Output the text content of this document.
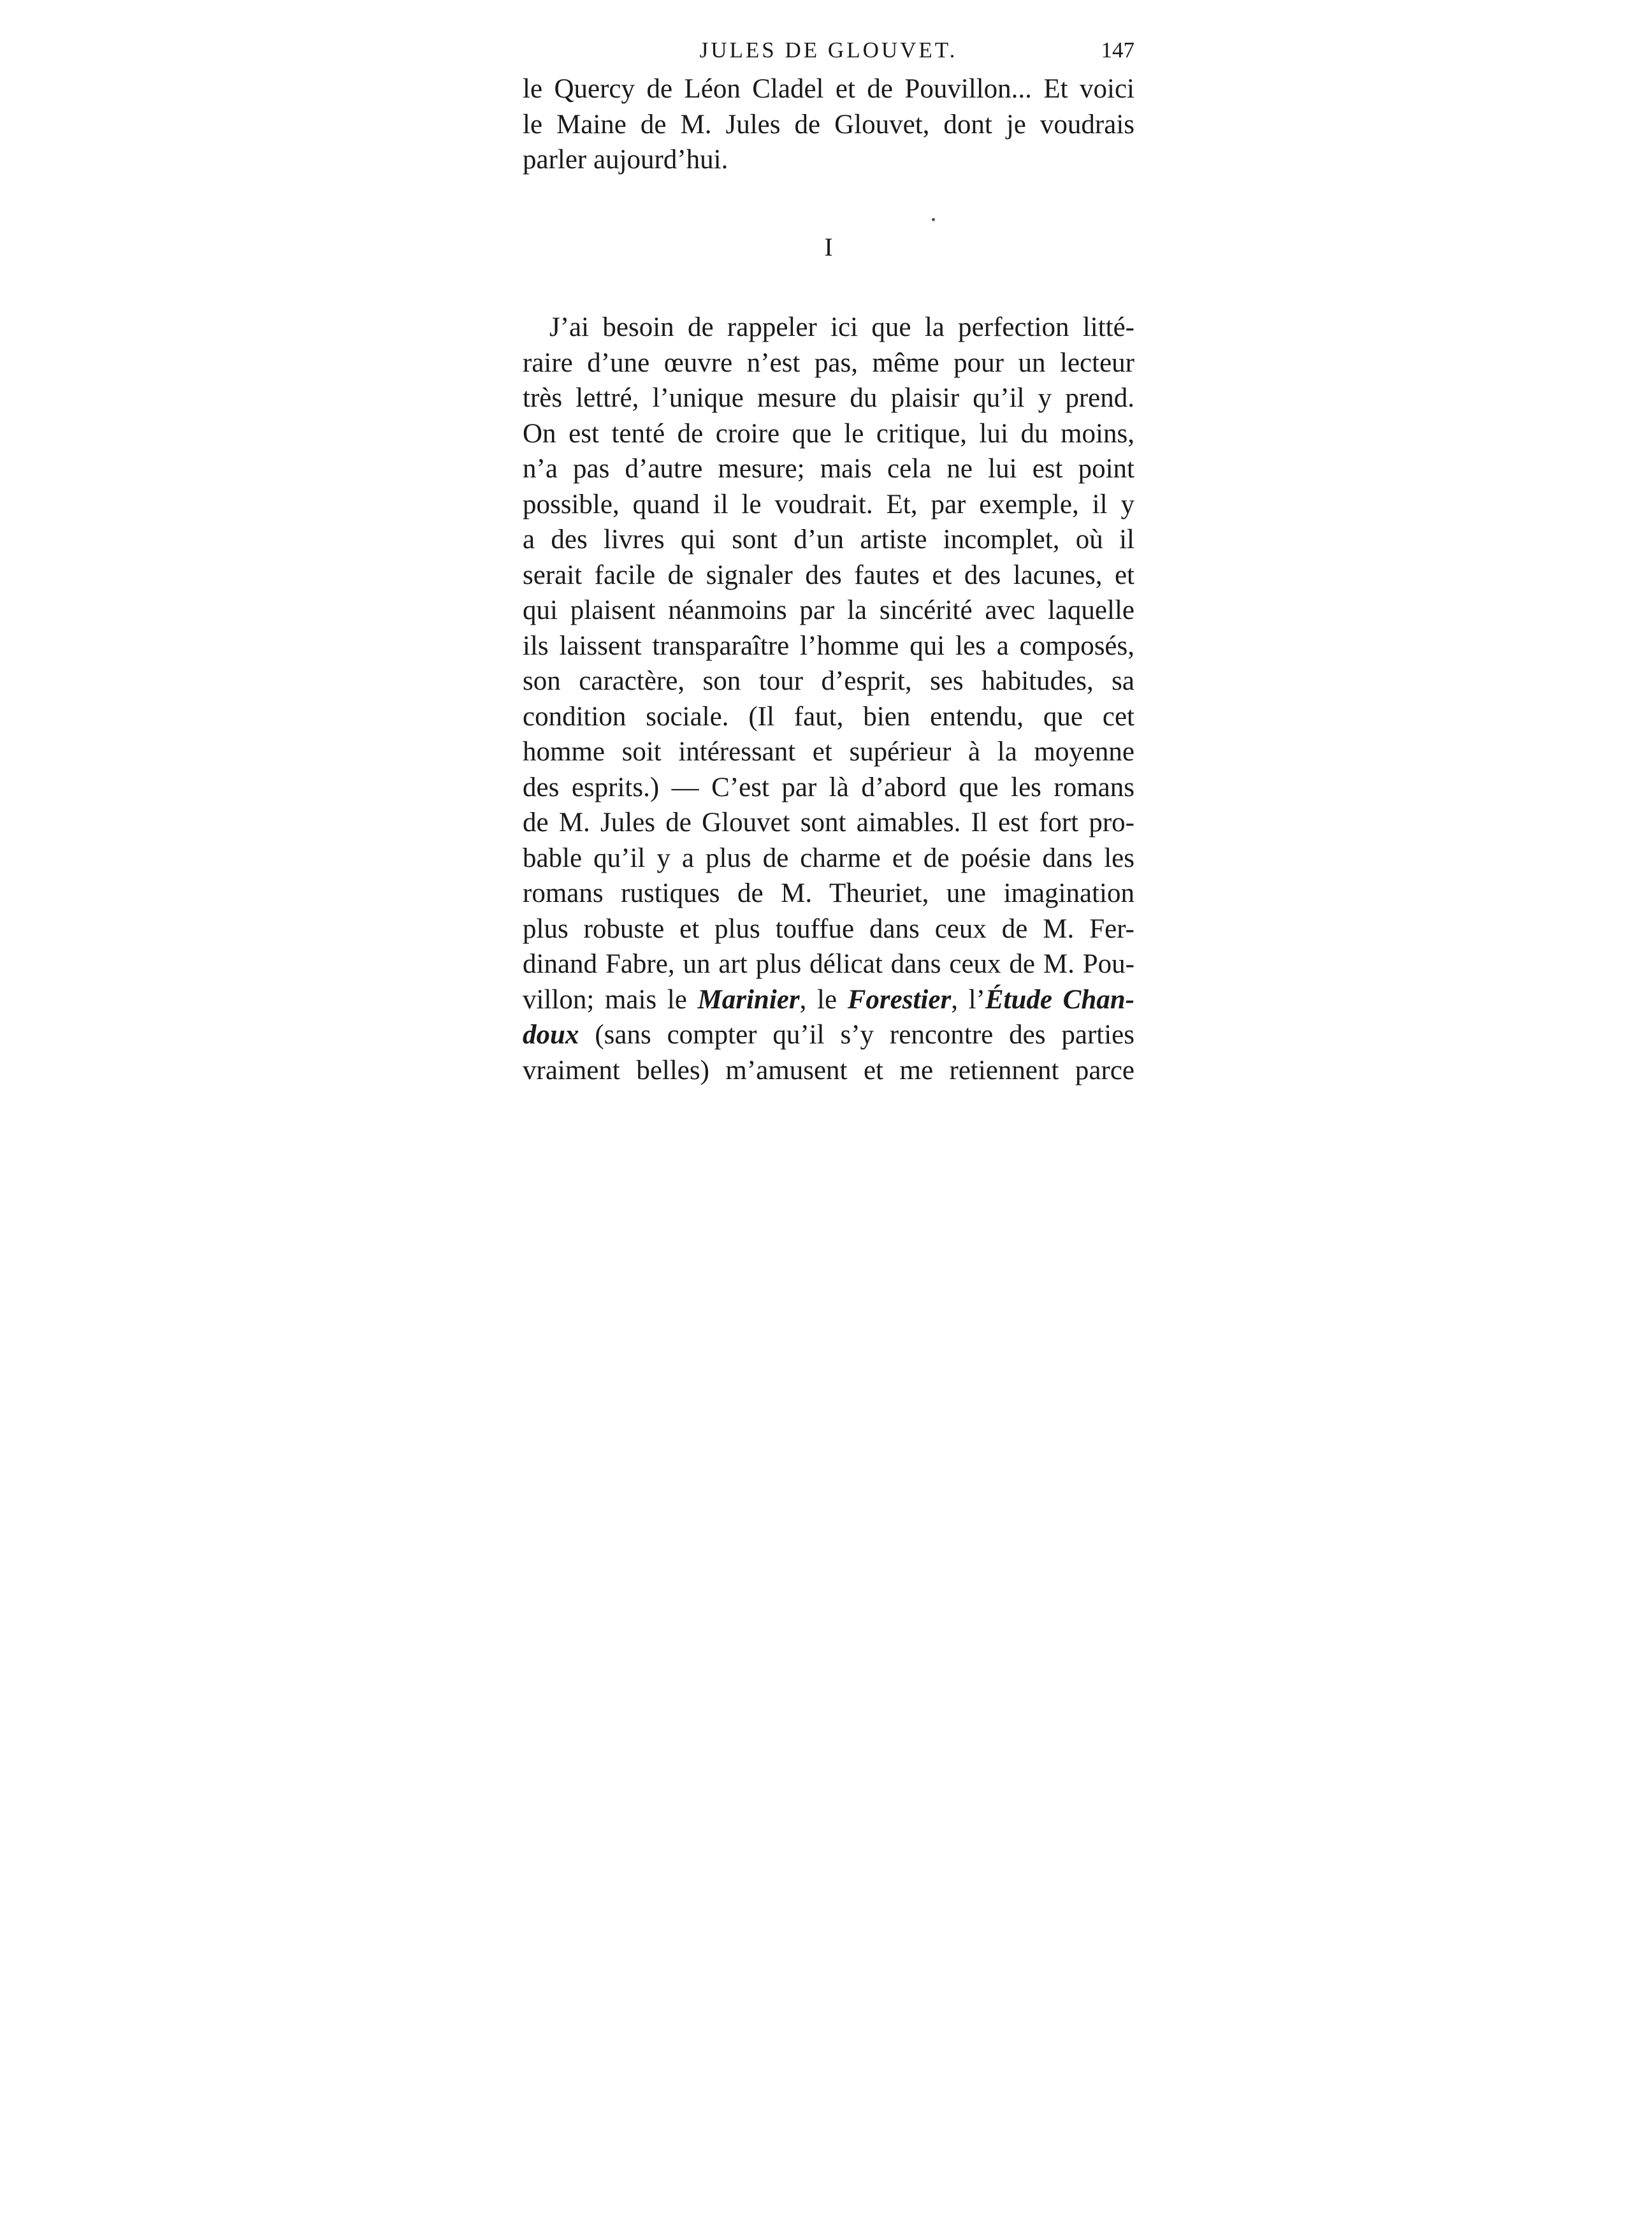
JULES DE GLOUVET.	147
le Quercy de Léon Cladel et de Pouvillon... Et voici
le Maine de M. Jules de Glouvet, dont je voudrais
parler aujourd’hui.
I
J’ai besoin de rappeler ici que la perfection litté-
raire d’une œuvre n’est pas, même pour un lecteur
très lettré, l’unique mesure du plaisir qu’il y prend.
On est tenté de croire que le critique, lui du moins,
n’a pas d’autre mesure; mais cela ne lui est point
possible, quand il le voudrait. Et, par exemple, il y
a des livres qui sont d’un artiste incomplet, où il
serait facile de signaler des fautes et des lacunes, et
qui plaisent néanmoins par la sincérité avec laquelle
ils laissent transparaître l’homme qui les a composés,
son caractère, son tour d’esprit, ses habitudes, sa
condition sociale. (Il faut, bien entendu, que cet
homme soit intéressant et supérieur à la moyenne
des esprits.) — C’est par là d’abord que les romans
de M. Jules de Glouvet sont aimables. Il est fort pro-
bable qu’il y a plus de charme et de poésie dans les
romans rustiques de M. Theuriet, une imagination
plus robuste et plus touffue dans ceux de M. Fer-
dinand Fabre, un art plus délicat dans ceux de M. Pou-
villon; mais le Marinier, le Forestier, l’Étude Chan-
doux (sans compter qu’il s’y rencontre des parties
vraiment belles) m’amusent et me retiennent parce
